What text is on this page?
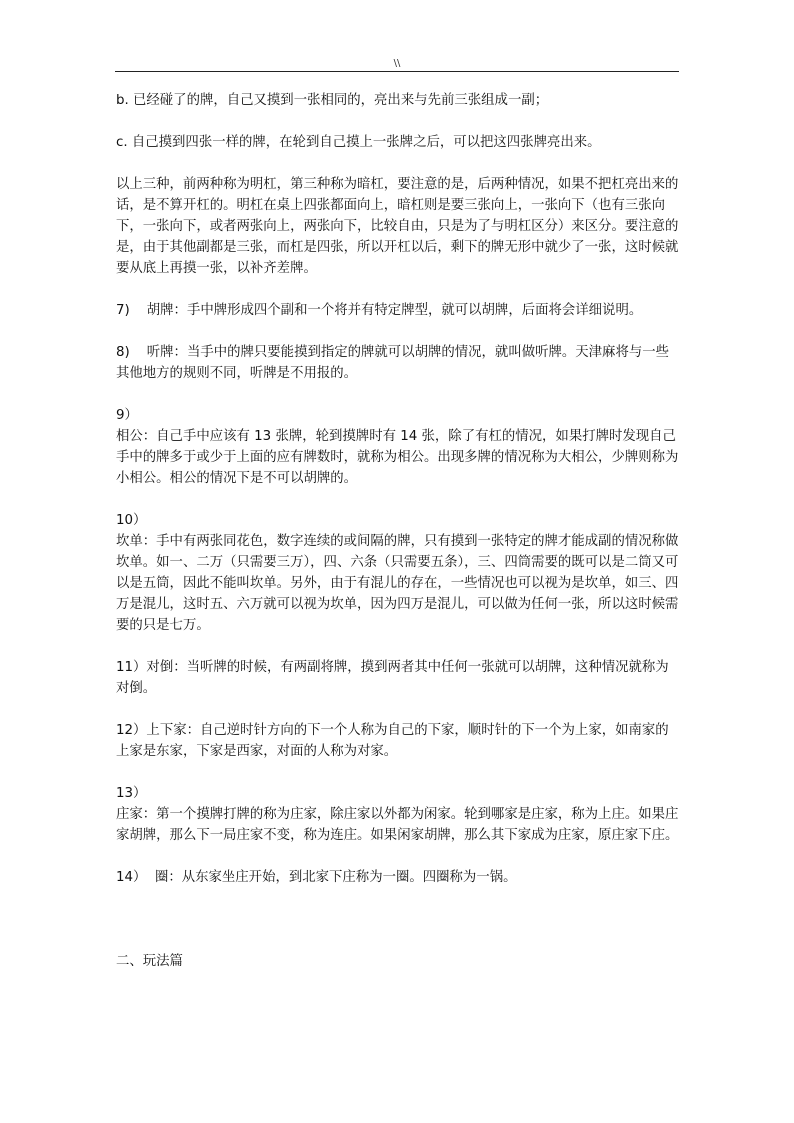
\\

b. 已经碰了的牌，自己又摸到一张相同的，亮出来与先前三张组成一副；

c. 自己摸到四张一样的牌，在轮到自己摸上一张牌之后，可以把这四张牌亮出来。

以上三种，前两种称为明杠，第三种称为暗杠，要注意的是，后两种情况，如果不把杠亮出来的话，是不算开杠的。明杠在桌上四张都面向上，暗杠则是要三张向上，一张向下（也有三张向下，一张向下，或者两张向上，两张向下，比较自由，只是为了与明杠区分）来区分。要注意的是，由于其他副都是三张，而杠是四张，所以开杠以后，剩下的牌无形中就少了一张，这时候就要从底上再摸一张，以补齐差牌。

7)    胡牌：手中牌形成四个副和一个将并有特定牌型，就可以胡牌，后面将会详细说明。

8)    听牌：当手中的牌只要能摸到指定的牌就可以胡牌的情况，就叫做听牌。天津麻将与一些其他地方的规则不同，听牌是不用报的。

9）
相公：自己手中应该有 13 张牌，轮到摸牌时有 14 张，除了有杠的情况，如果打牌时发现自己手中的牌多于或少于上面的应有牌数时，就称为相公。出现多牌的情况称为大相公，少牌则称为小相公。相公的情况下是不可以胡牌的。

10）
坎单：手中有两张同花色，数字连续的或间隔的牌，只有摸到一张特定的牌才能成副的情况称做坎单。如一、二万（只需要三万），四、六条（只需要五条），三、四筒需要的既可以是二筒又可以是五筒，因此不能叫坎单。另外，由于有混儿的存在，一些情况也可以视为是坎单，如三、四万是混儿，这时五、六万就可以视为坎单，因为四万是混儿，可以做为任何一张，所以这时候需要的只是七万。

11）对倒：当听牌的时候，有两副将牌，摸到两者其中任何一张就可以胡牌，这种情况就称为对倒。

12）上下家：自己逆时针方向的下一个人称为自己的下家，顺时针的下一个为上家，如南家的上家是东家，下家是西家，对面的人称为对家。

13）
庄家：第一个摸牌打牌的称为庄家，除庄家以外都为闲家。轮到哪家是庄家，称为上庄。如果庄家胡牌，那么下一局庄家不变，称为连庄。如果闲家胡牌，那么其下家成为庄家，原庄家下庄。

14）  圈：从东家坐庄开始，到北家下庄称为一圈。四圈称为一锅。

二、玩法篇
